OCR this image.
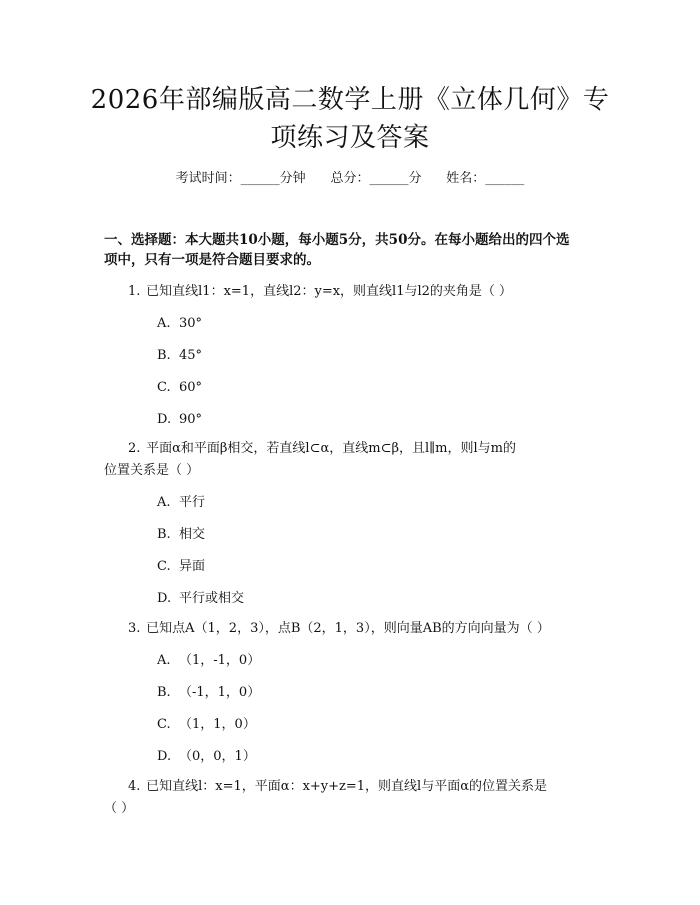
2026年部编版高二数学上册《立体几何》专
项练习及答案
考试时间：______分钟 总分：______分 姓名：______

一、选择题：本大题共10小题，每小题5分，共50分。在每小题给出的四个选

项中，只有一项是符合题目要求的。

1. 已知直线l1：x=1，直线l2：y=x，则直线l1与l2的夹角是（ ）

A. 30°
B. 45°
C. 60°
D. 90°

2. 平面α和平面β相交，若直线l⊂α，直线m⊂β，且l∥m，则l与m的
位置关系是（ ）

A. 平行
B. 相交
C. 异面
D. 平行或相交

3. 已知点A（1，2，3），点B（2，1，3），则向量AB的方向向量为（ ）

A. （1，-1，0）
B. （-1，1，0）
C. （1，1，0）
D. （0，0，1）

4. 已知直线l：x=1，平面α：x+y+z=1，则直线l与平面α的位置关系是
（ ）
